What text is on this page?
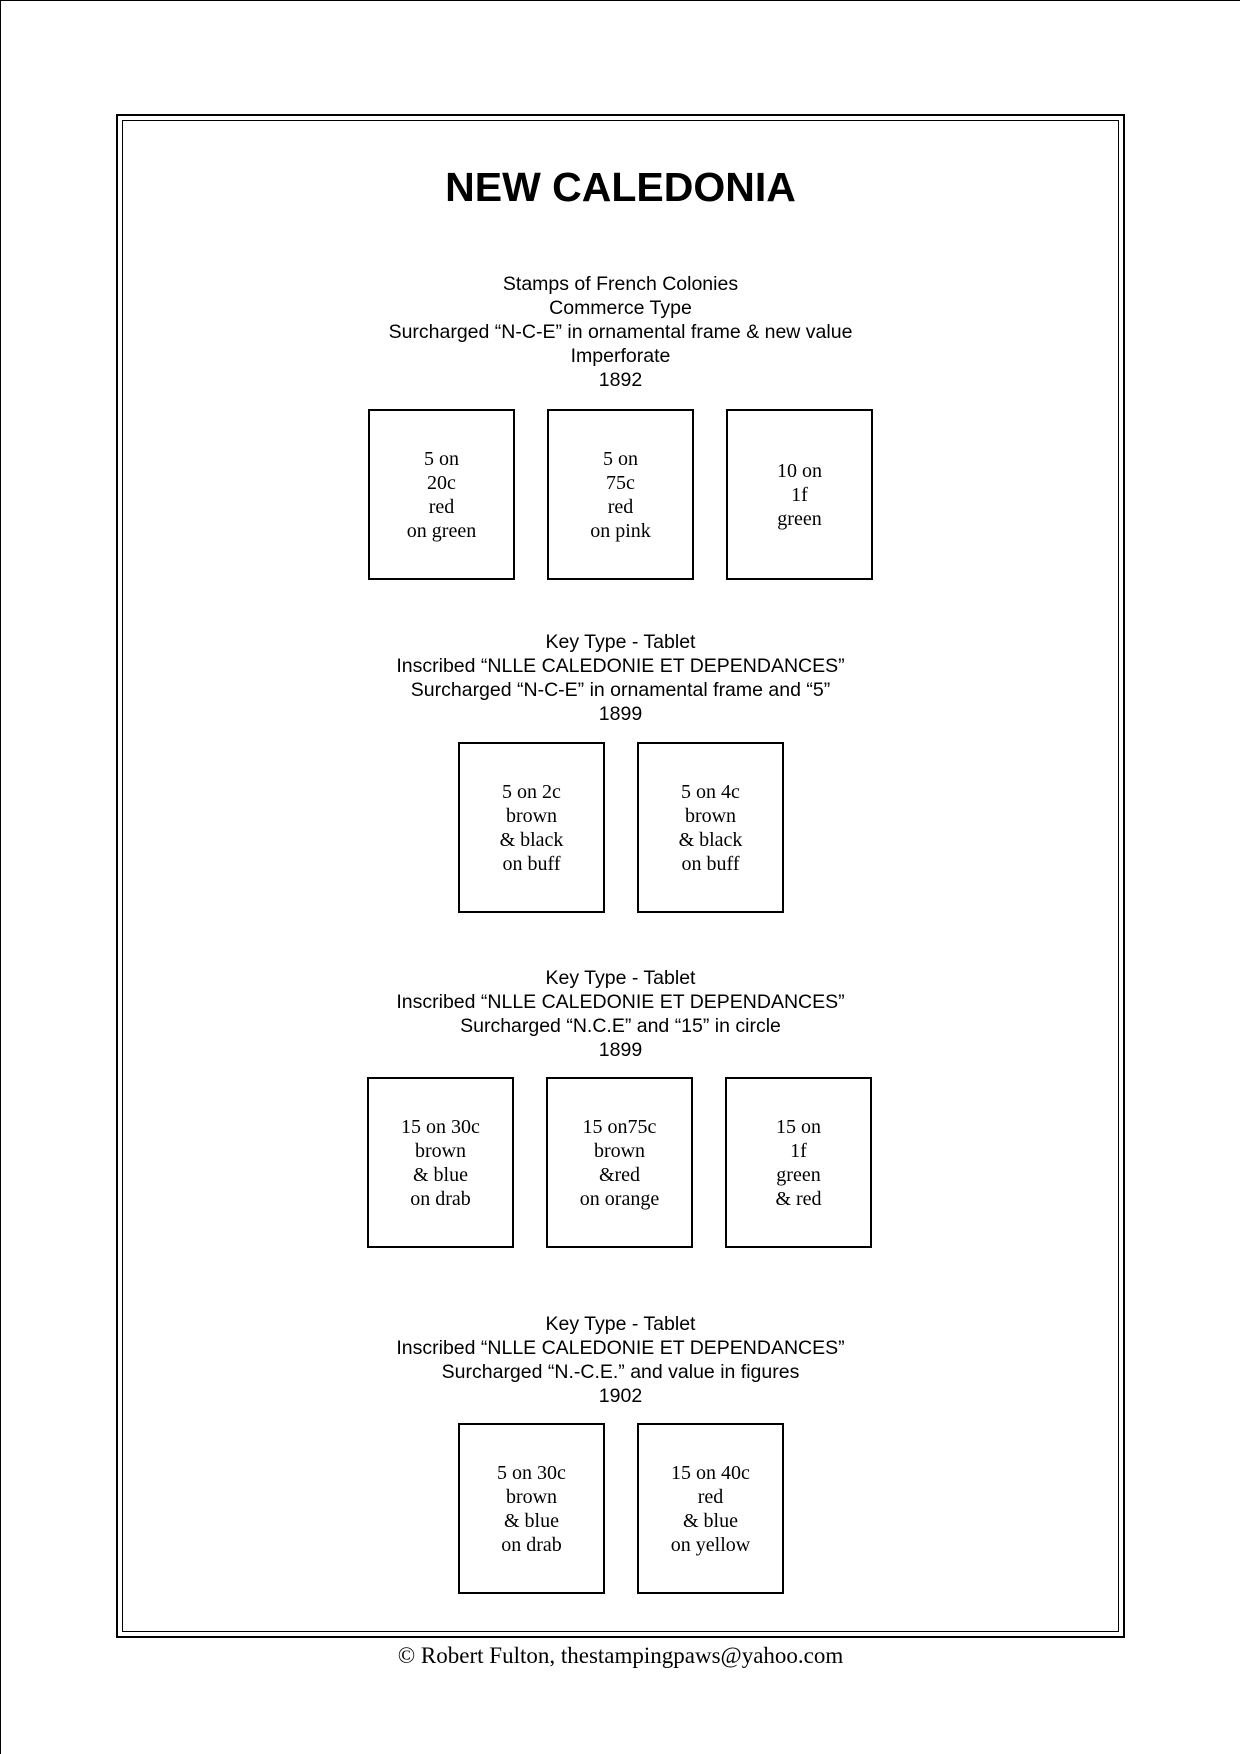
NEW CALEDONIA
Stamps of French Colonies
Commerce Type
Surcharged “N-C-E” in ornamental frame & new value
Imperforate
1892
5 on
20c
red
on green
5 on
75c
red
on pink
10 on
1f
green
Key Type - Tablet
Inscribed “NLLE CALEDONIE ET DEPENDANCES”
Surcharged “N-C-E” in ornamental frame and “5”
1899
5 on 2c
brown
& black
on buff
5 on 4c
brown
& black
on buff
Key Type - Tablet
Inscribed “NLLE CALEDONIE ET DEPENDANCES”
Surcharged “N.C.E” and “15” in circle
1899
15 on 30c
brown
& blue
on drab
15 on75c
brown
&red
on orange
15 on
1f
green
& red
Key Type - Tablet
Inscribed “NLLE CALEDONIE ET DEPENDANCES”
Surcharged “N.-C.E.” and value in figures
1902
5 on 30c
brown
& blue
on drab
15 on 40c
red
& blue
on yellow
© Robert Fulton, thestampingpaws@yahoo.com
